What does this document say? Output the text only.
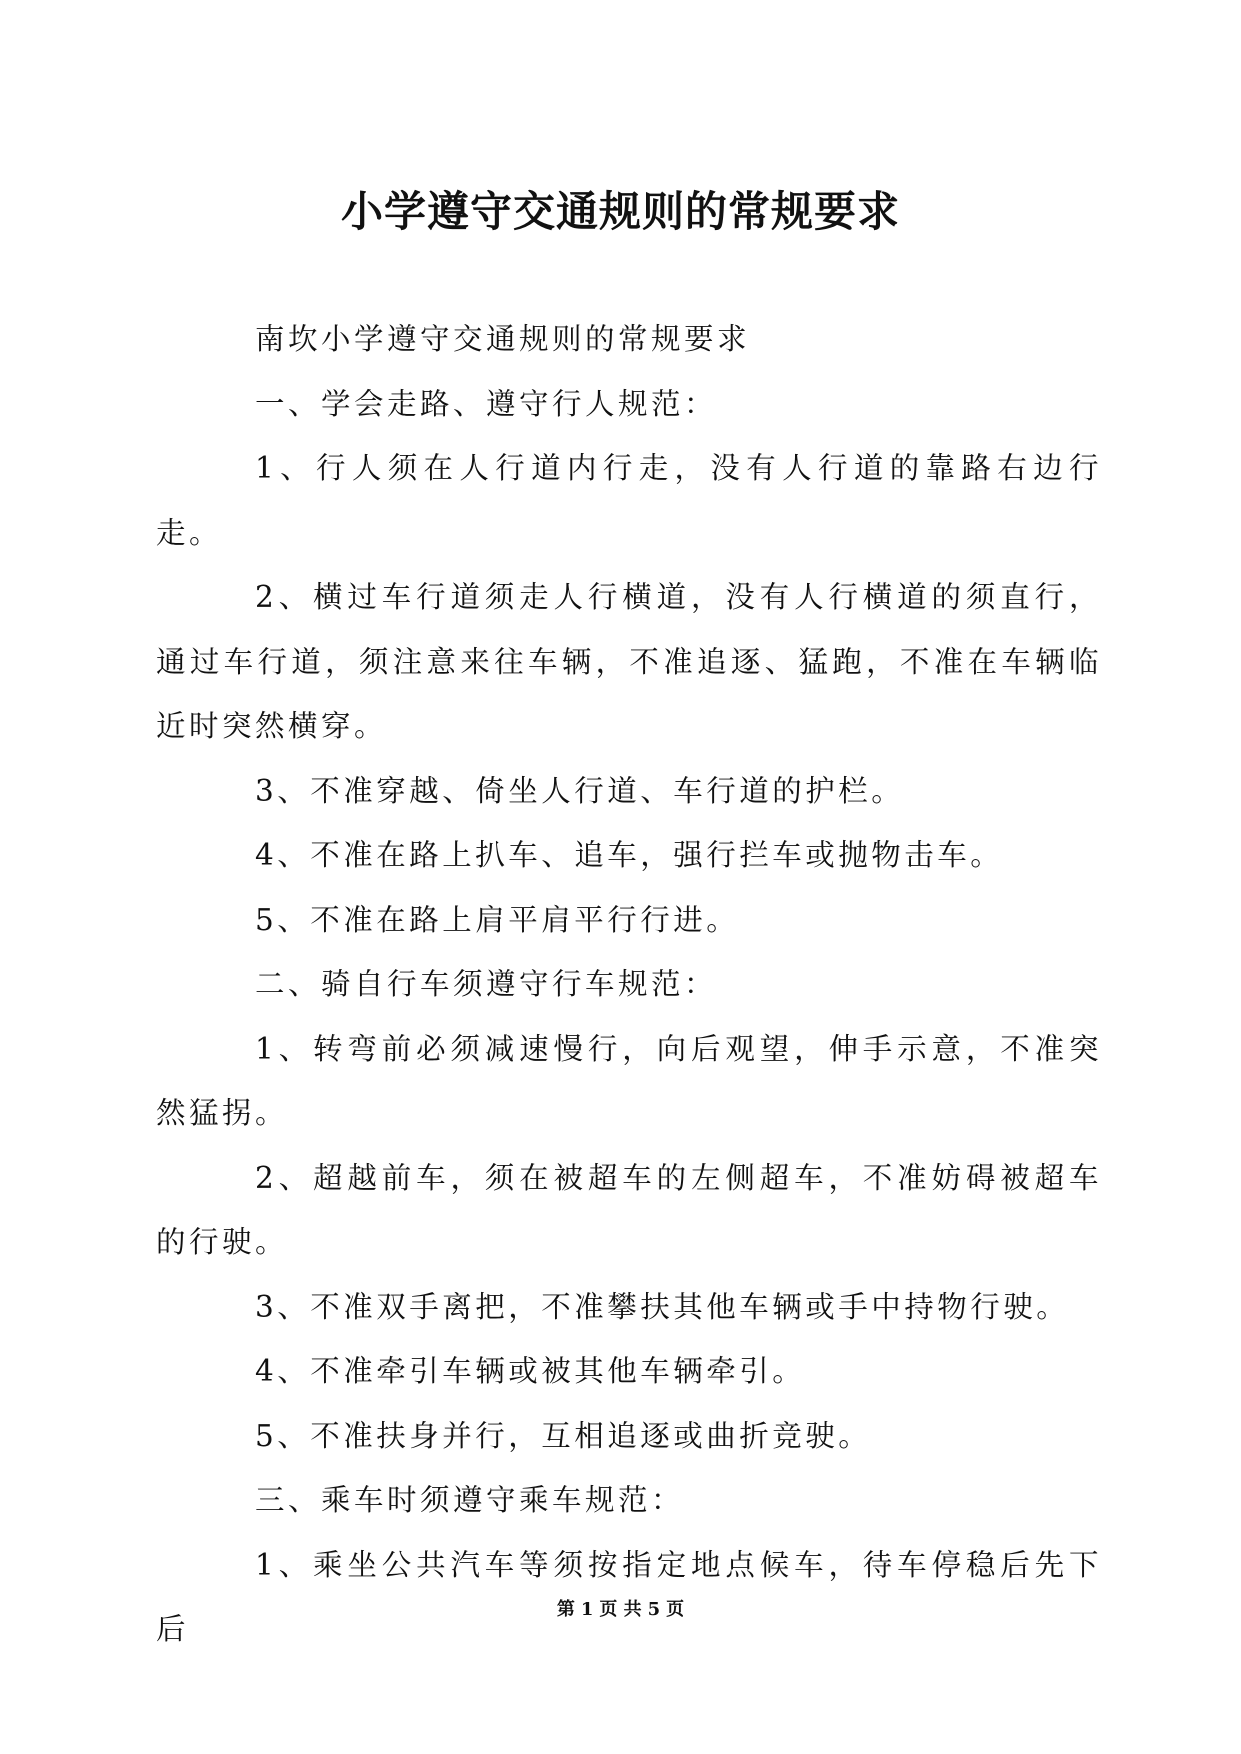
小学遵守交通规则的常规要求

南坎小学遵守交通规则的常规要求

一、学会走路、遵守行人规范：

1、行人须在人行道内行走，没有人行道的靠路右边行走。

2、横过车行道须走人行横道，没有人行横道的须直行，通过车行道，须注意来往车辆，不准追逐、猛跑，不准在车辆临近时突然横穿。

3、不准穿越、倚坐人行道、车行道的护栏。

4、不准在路上扒车、追车，强行拦车或抛物击车。

5、不准在路上肩平肩平行行进。

二、骑自行车须遵守行车规范：

1、转弯前必须减速慢行，向后观望，伸手示意，不准突然猛拐。

2、超越前车，须在被超车的左侧超车，不准妨碍被超车的行驶。

3、不准双手离把，不准攀扶其他车辆或手中持物行驶。

4、不准牵引车辆或被其他车辆牵引。

5、不准扶身并行，互相追逐或曲折竞驶。

三、乘车时须遵守乘车规范：

1、乘坐公共汽车等须按指定地点候车，待车停稳后先下后

第 1 页 共 5 页
